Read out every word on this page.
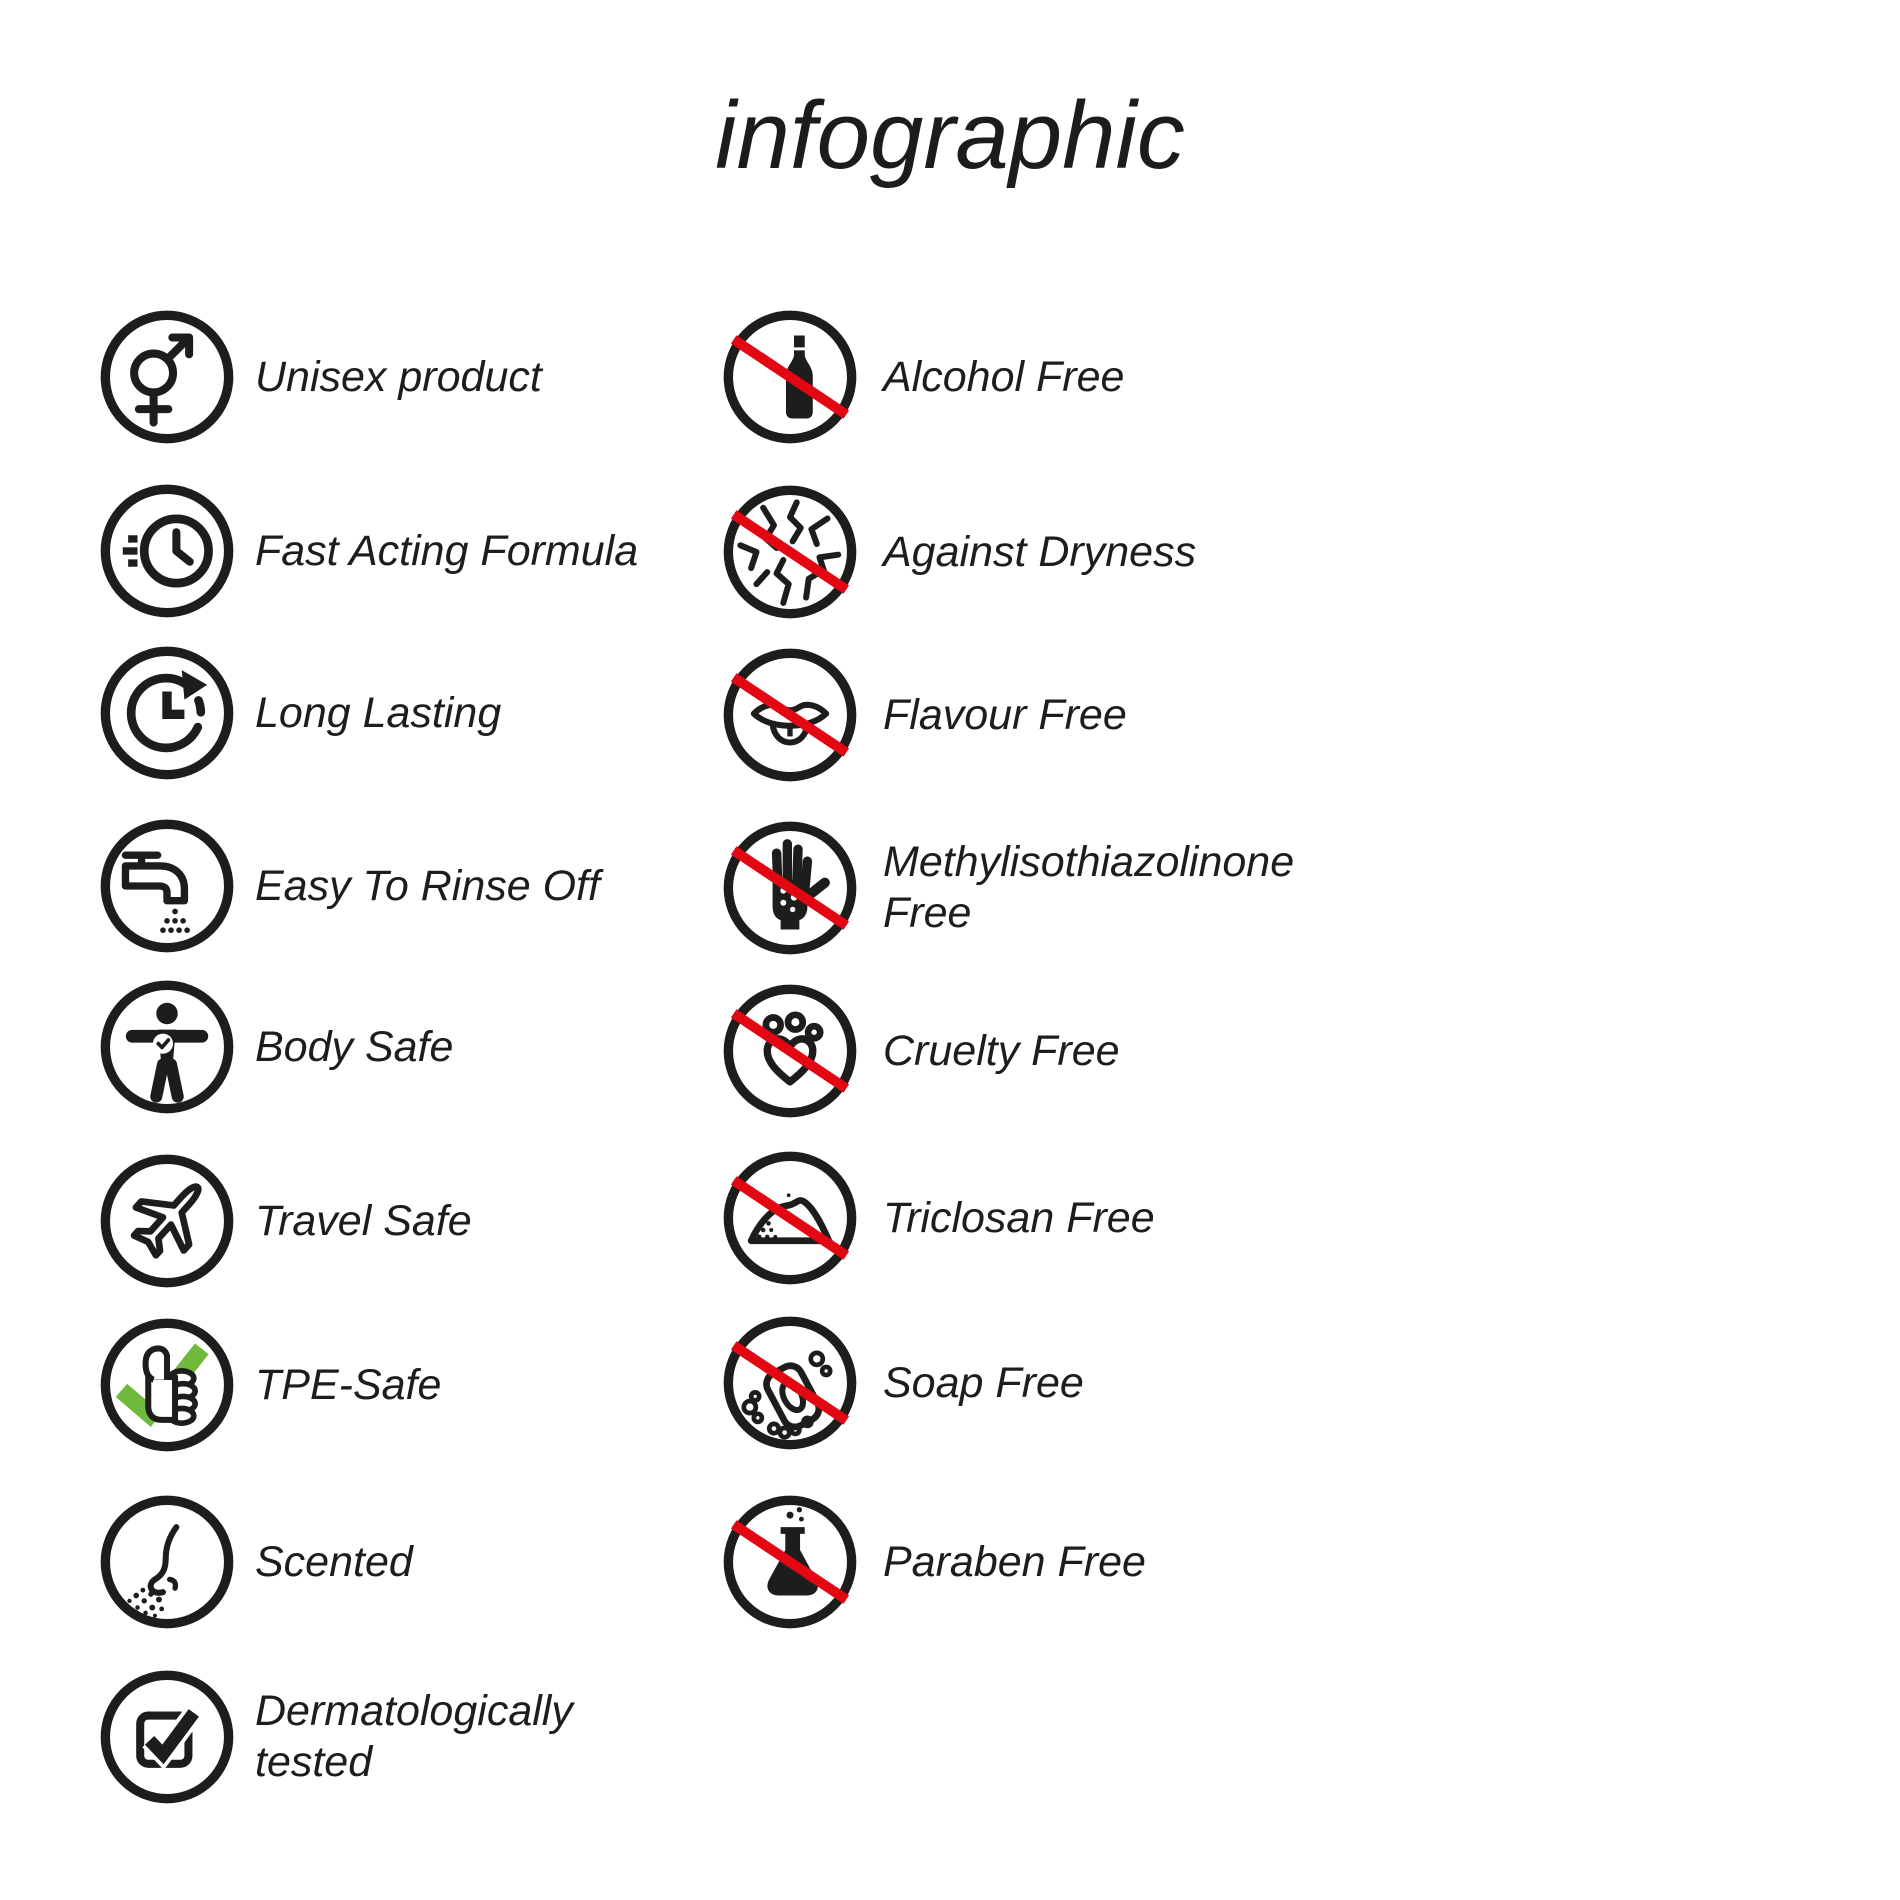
infographic
Unisex product
Fast Acting Formula
Long Lasting
Easy To Rinse Off
Body Safe
Travel Safe
TPE-Safe
Scented
Dermatologically tested
Alcohol Free
Against Dryness
Flavour Free
Methylisothiazolinone Free
Cruelty Free
Triclosan Free
Soap Free
Paraben Free
